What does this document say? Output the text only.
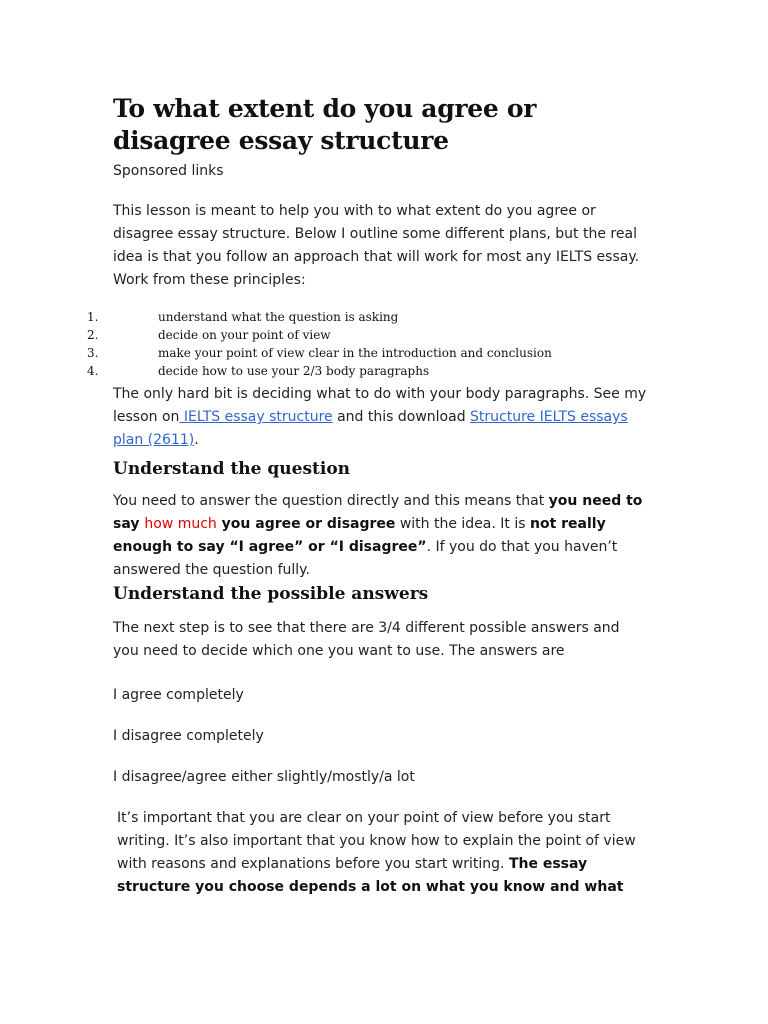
To what extent do you agree or disagree essay structure

Sponsored links

This lesson is meant to help you with to what extent do you agree or disagree essay structure. Below I outline some different plans, but the real idea is that you follow an approach that will work for most any IELTS essay. Work from these principles:

1.	understand what the question is asking
2.	decide on your point of view
3.	make your point of view clear in the introduction and conclusion
4.	decide how to use your 2/3 body paragraphs

The only hard bit is deciding what to do with your body paragraphs. See my lesson on IELTS essay structure and this download Structure IELTS essays plan (2611).

Understand the question

You need to answer the question directly and this means that you need to say how much you agree or disagree with the idea. It is not really enough to say “I agree” or “I disagree”. If you do that you haven’t answered the question fully.

Understand the possible answers

The next step is to see that there are 3/4 different possible answers and you need to decide which one you want to use. The answers are

I agree completely

I disagree completely

I disagree/agree either slightly/mostly/a lot

It’s important that you are clear on your point of view before you start writing. It’s also important that you know how to explain the point of view with reasons and explanations before you start writing. The essay structure you choose depends a lot on what you know and what
